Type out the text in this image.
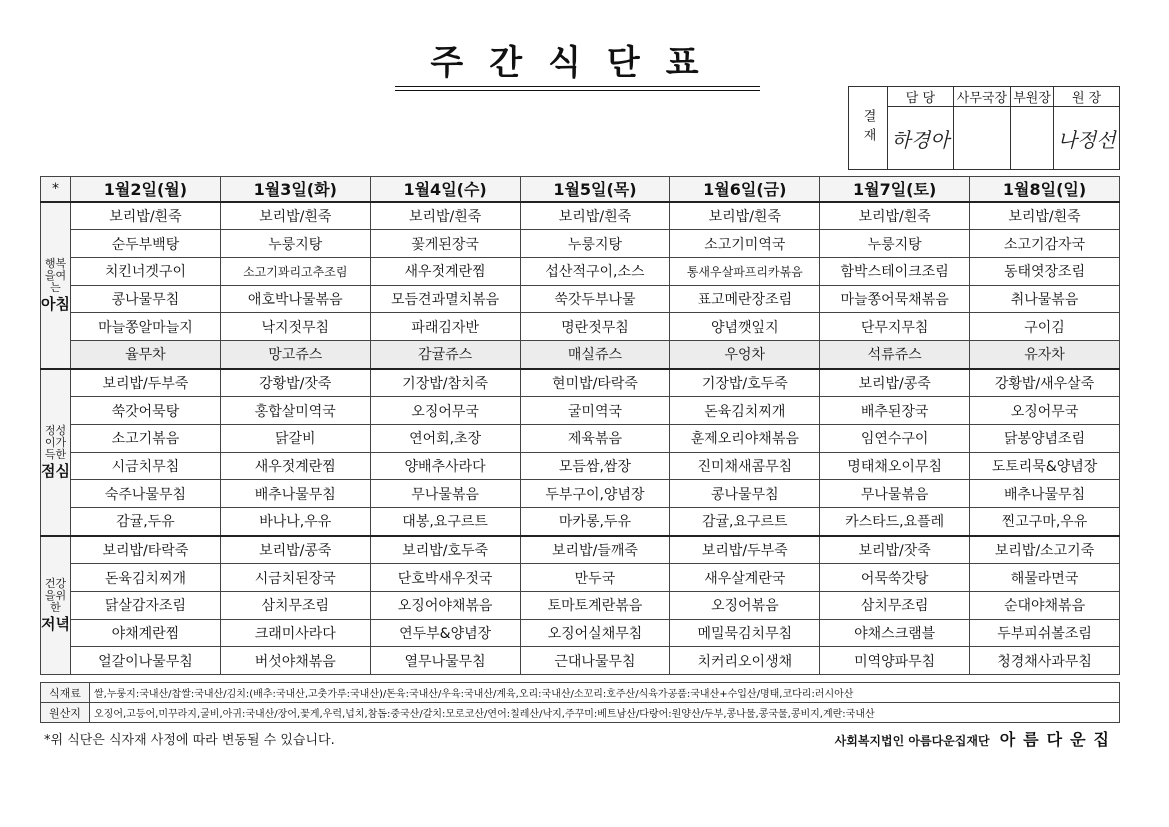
주간식단표
결재	담 당	사무국장	부원장	원 장
	하경아			나정선
*	1월2일(월)	1월3일(화)	1월4일(수)	1월5일(목)	1월6일(금)	1월7일(토)	1월8일(일)

행복을여는
아침	보리밥/흰죽	보리밥/흰죽	보리밥/흰죽	보리밥/흰죽	보리밥/흰죽	보리밥/흰죽	보리밥/흰죽
	순두부백탕	누룽지탕	꽃게된장국	누룽지탕	소고기미역국	누룽지탕	소고기감자국
	치킨너겟구이	소고기꽈리고추조림	새우젓계란찜	섭산적구이,소스	통새우살파프리카볶음	함박스테이크조림	동태엿장조림
	콩나물무침	애호박나물볶음	모듬견과멸치볶음	쑥갓두부나물	표고메란장조림	마늘쫑어묵채볶음	취나물볶음
	마늘쫑알마늘지	낙지젓무침	파래김자반	명란젓무침	양념깻잎지	단무지무침	구이김
	율무차	망고쥬스	감귤쥬스	매실쥬스	우엉차	석류쥬스	유자차

정성이가득한
점심	보리밥/두부죽	강황밥/잣죽	기장밥/참치죽	현미밥/타락죽	기장밥/호두죽	보리밥/콩죽	강황밥/새우살죽
	쑥갓어묵탕	홍합살미역국	오징어무국	굴미역국	돈육김치찌개	배추된장국	오징어무국
	소고기볶음	닭갈비	연어회,초장	제육볶음	훈제오리야채볶음	임연수구이	닭봉양념조림
	시금치무침	새우젓계란찜	양배추사라다	모듬쌈,쌈장	진미채새콤무침	명태채오이무침	도토리묵&양념장
	숙주나물무침	배추나물무침	무나물볶음	두부구이,양념장	콩나물무침	무나물볶음	배추나물무침
	감귤,두유	바나나,우유	대봉,요구르트	마카롱,두유	감귤,요구르트	카스타드,요플레	찐고구마,우유

건강을위한
저녁	보리밥/타락죽	보리밥/콩죽	보리밥/호두죽	보리밥/들깨죽	보리밥/두부죽	보리밥/잣죽	보리밥/소고기죽
	돈육김치찌개	시금치된장국	단호박새우젓국	만두국	새우살계란국	어묵쑥갓탕	해물라면국
	닭살감자조림	삼치무조림	오징어야채볶음	토마토계란볶음	오징어볶음	삼치무조림	순대야채볶음
	야채계란찜	크래미사라다	연두부&양념장	오징어실채무침	메밀묵김치무침	야채스크램블	두부피쉬볼조림
	얼갈이나물무침	버섯야채볶음	열무나물무침	근대나물무침	치커리오이생채	미역양파무침	청경채사과무침
식재료	쌀,누룽지:국내산/찹쌀:국내산/김치:(배추:국내산,고춧가루:국내산)/돈육:국내산/우육:국내산/계육,오리:국내산/소꼬리:호주산/식육가공품:국내산+수입산/명태,코다리:러시아산
원산지	오징어,고등어,미꾸라지,굴비,아귀:국내산/장어,꽃게,우럭,넙치,참돔:중국산/갈치:모로코산/연어:칠레산/낙지,주꾸미:베트남산/다랑어:원양산/두부,콩나물,콩국물,콩비지,계란:국내산
*위 식단은 식자재 사정에 따라 변동될 수 있습니다.	사회복지법인 아름다운집재단 아름다운집
